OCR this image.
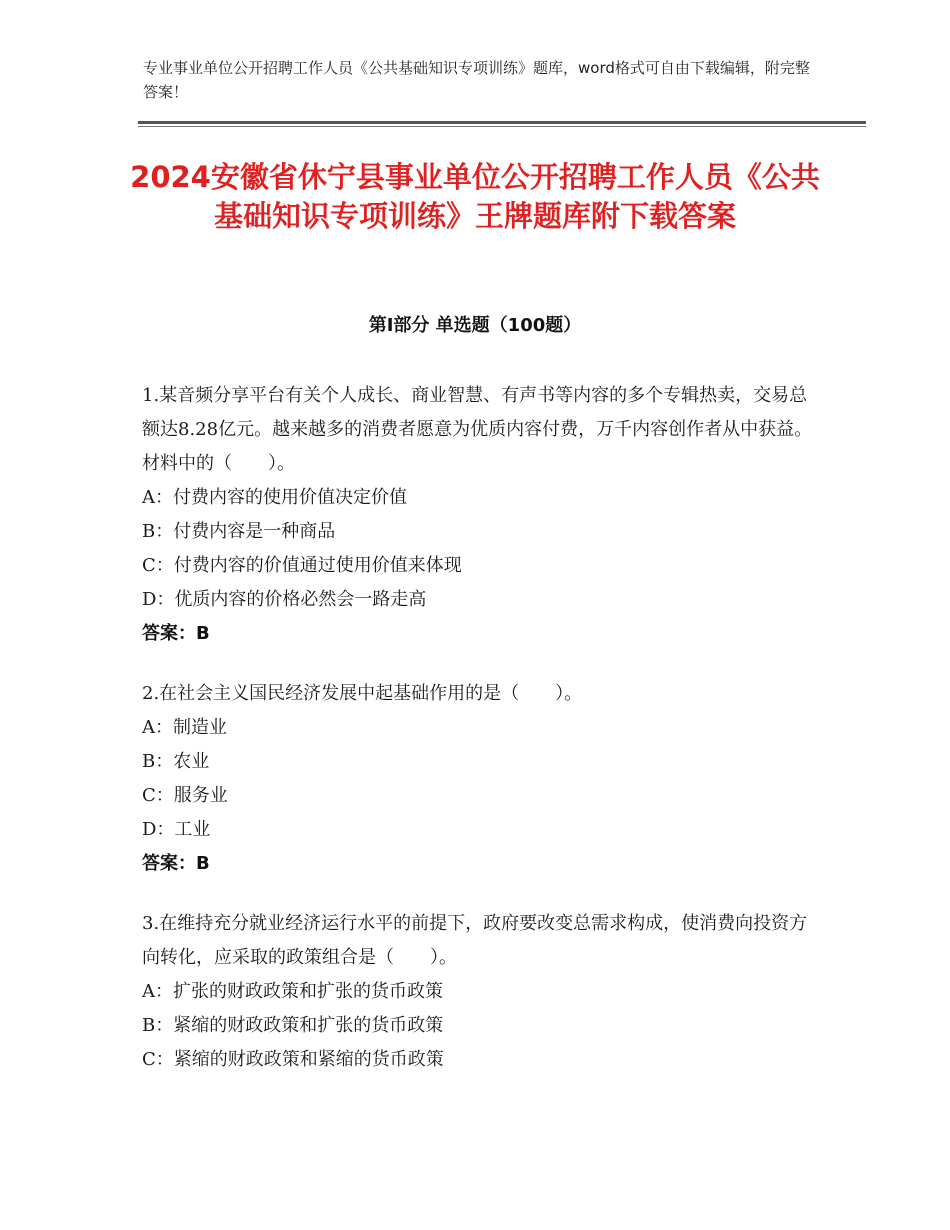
专业事业单位公开招聘工作人员《公共基础知识专项训练》题库，word格式可自由下载编辑，附完整答案！
2024安徽省休宁县事业单位公开招聘工作人员《公共基础知识专项训练》王牌题库附下载答案
第Ⅰ部分 单选题（100题）

1.某音频分享平台有关个人成长、商业智慧、有声书等内容的多个专辑热卖，交易总额达8.28亿元。越来越多的消费者愿意为优质内容付费，万千内容创作者从中获益。材料中的（　　）。

A：付费内容的使用价值决定价值

B：付费内容是一种商品

C：付费内容的价值通过使用价值来体现

D：优质内容的价格必然会一路走高

答案：B

2.在社会主义国民经济发展中起基础作用的是（　　）。

A：制造业

B：农业

C：服务业

D：工业

答案：B

3.在维持充分就业经济运行水平的前提下，政府要改变总需求构成，使消费向投资方向转化，应采取的政策组合是（　　）。

A：扩张的财政政策和扩张的货币政策

B：紧缩的财政政策和扩张的货币政策

C：紧缩的财政政策和紧缩的货币政策
